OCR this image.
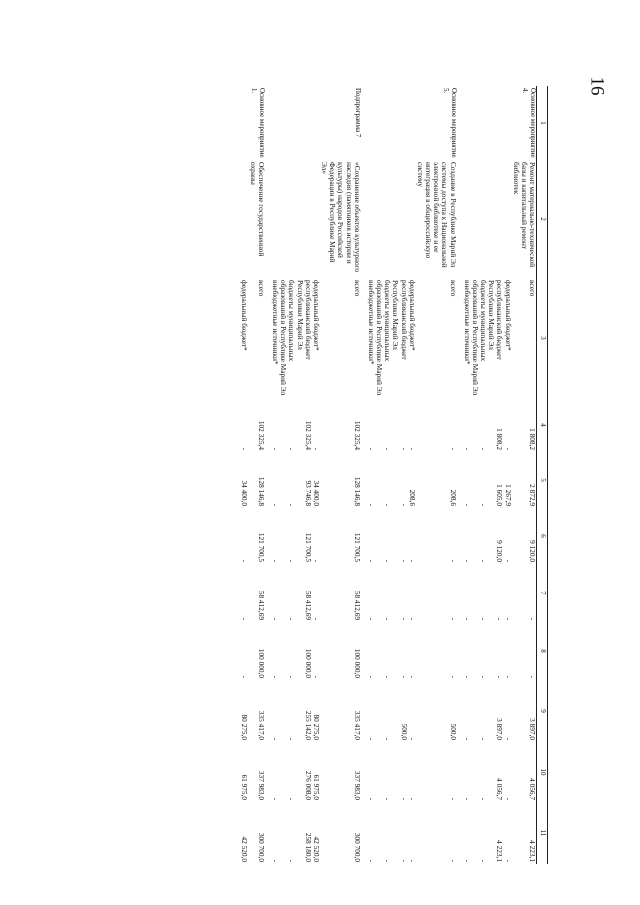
16
1	2	3	4	5	6	7	8	9	10	11
Основное мероприятие 4.	Ремонт материально-технической базы и капитальный ремонт библиотек	всего	1 808,2	2 872,9	9 120,0	-	-	3 897,0	4 056,7	4 223,1
		федеральный бюджет*	-	1 267,9	-	-	-	-	-	-
		республиканский бюджет Республики Марий Эл	1 808,2	1 605,0	9 120,0	-	-	3 897,0	4 056,7	4 223,1
		бюджеты муниципальных образований в Республике Марий Эл	-	-	-	-	-	-	-	-
		внебюджетные источники*	-	-	-	-	-	-	-	-
Основное мероприятие 5.	Создание в Республике Марий Эл системы доступа к Национальной электронной библиотеке и ее интеграция в общероссийскую систему	всего	-	208,6	-	-	-	500,0	-	-
		федеральный бюджет*	-	208,6	-	-	-	-	-	-
		республиканский бюджет Республики Марий Эл	-	-	-	-	-	500,0	-	-
		бюджеты муниципальных образований в Республике Марий Эл	-	-	-	-	-	-	-	-
		внебюджетные источники*	-	-	-	-	-	-	-	-
Подпрограмма 7	«Сохранение объектов культурного наследия (памятников истории и культуры) народов Российской Федерации в Республике Марий Эл»	всего	102 325,4	128 146,8	121 700,5	58 412,69	100 000,0	335 417,0	337 983,0	300 700,0
		федеральный бюджет*	-	34 400,0	-	-	-	80 275,0	61 975,0	42 520,0
		республиканский бюджет Республики Марий Эл	102 325,4	93 746,8	121 700,5	58 412,69	100 000,0	255 142,0	276 008,0	258 180,0
		бюджеты муниципальных образований в Республике Марий Эл	-	-	-	-	-	-	-	-
		внебюджетные источники*	-	-	-	-	-	-	-	-
Основное мероприятие 1.	Обеспечение государственной охраны	всего	102 325,4	128 146,8	121 700,5	58 412,69	100 000,0	335 417,0	337 983,0	300 700,0
		федеральный бюджет*	-	34 400,0	-	-	-	80 275,0	61 975,0	42 520,0
